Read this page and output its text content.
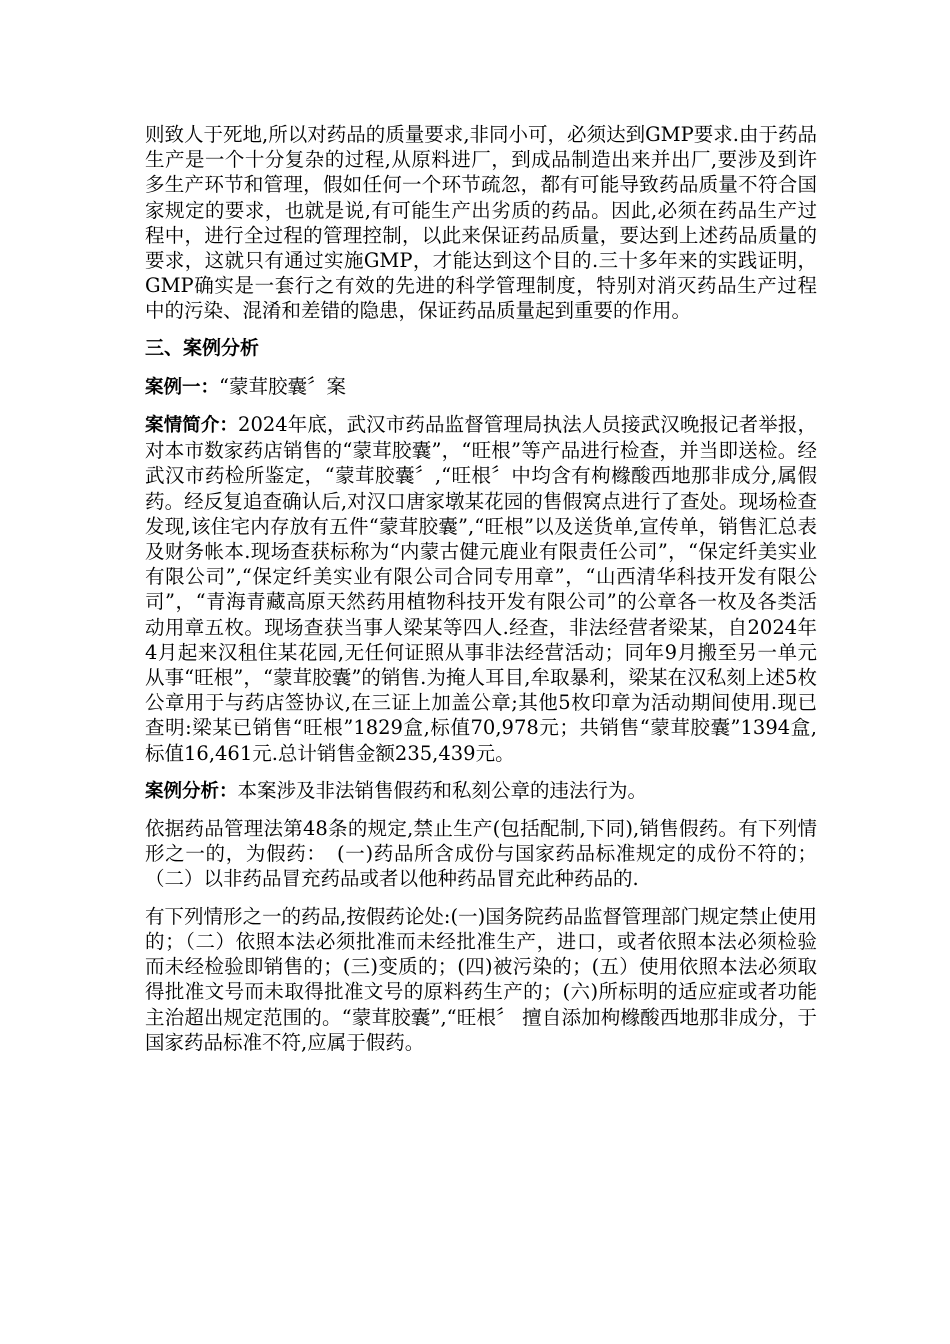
则致人于死地,所以对药品的质量要求,非同小可，必须达到GMP要求.由于药品生产是一个十分复杂的过程,从原料进厂，到成品制造出来并出厂,要涉及到许多生产环节和管理，假如任何一个环节疏忽，都有可能导致药品质量不符合国家规定的要求，也就是说,有可能生产出劣质的药品。因此,必须在药品生产过程中，进行全过程的管理控制，以此来保证药品质量，要达到上述药品质量的要求，这就只有通过实施GMP，才能达到这个目的.三十多年来的实践证明，GMP确实是一套行之有效的先进的科学管理制度，特别对消灭药品生产过程中的污染、混淆和差错的隐患，保证药品质量起到重要的作用。

三、案例分析

案例一：“蒙茸胶囊〞案

案情简介：2024年底，武汉市药品监督管理局执法人员接武汉晚报记者举报，对本市数家药店销售的“蒙茸胶囊”，“旺根”等产品进行检查，并当即送检。经武汉市药检所鉴定，“蒙茸胶囊〞,“旺根〞中均含有枸橼酸西地那非成分,属假药。经反复追查确认后,对汉口唐家墩某花园的售假窝点进行了查处。现场检查发现,该住宅内存放有五件“蒙茸胶囊”,“旺根”以及送货单,宣传单，销售汇总表及财务帐本.现场查获标称为“内蒙古健元鹿业有限责任公司”，“保定纤美实业有限公司”,“保定纤美实业有限公司合同专用章”，“山西清华科技开发有限公司”，“青海青藏高原天然药用植物科技开发有限公司”的公章各一枚及各类活动用章五枚。现场查获当事人梁某等四人.经查，非法经营者梁某，自2024年4月起来汉租住某花园,无任何证照从事非法经营活动；同年9月搬至另一单元从事“旺根”，“蒙茸胶囊”的销售.为掩人耳目,牟取暴利，梁某在汉私刻上述5枚公章用于与药店签协议,在三证上加盖公章;其他5枚印章为活动期间使用.现已查明:梁某已销售“旺根”1829盒,标值70,978元；共销售“蒙茸胶囊”1394盒,标值16,461元.总计销售金额235,439元。

案例分析：本案涉及非法销售假药和私刻公章的违法行为。

依据药品管理法第48条的规定,禁止生产(包括配制,下同),销售假药。有下列情形之一的，为假药：　(一)药品所含成份与国家药品标准规定的成份不符的；（二）以非药品冒充药品或者以他种药品冒充此种药品的.

有下列情形之一的药品,按假药论处:(一)国务院药品监督管理部门规定禁止使用的；（二）依照本法必须批准而未经批准生产，进口，或者依照本法必须检验而未经检验即销售的；(三)变质的；(四)被污染的；(五）使用依照本法必须取得批准文号而未取得批准文号的原料药生产的；(六)所标明的适应症或者功能主治超出规定范围的。“蒙茸胶囊”,“旺根〞 擅自添加枸橼酸西地那非成分，于国家药品标准不符,应属于假药。
